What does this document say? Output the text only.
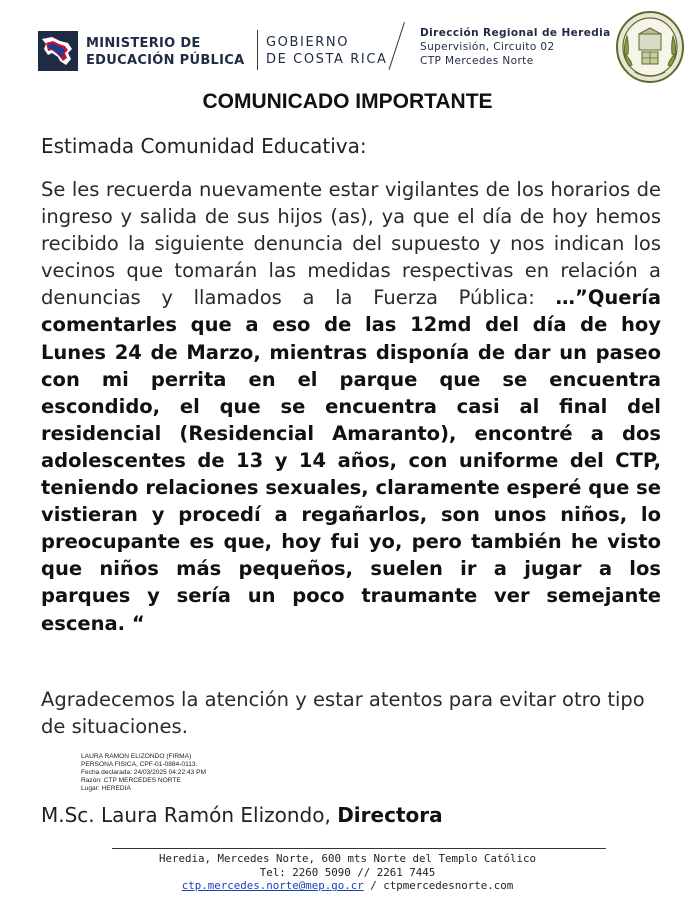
MINISTERIO DE
EDUCACIÓN PÚBLICA
GOBIERNO
DE COSTA RICA
Dirección Regional de Heredia
Supervisión, Circuito 02
CTP Mercedes Norte
COMUNICADO IMPORTANTE
Estimada Comunidad Educativa:
Se les recuerda nuevamente estar vigilantes de los horarios de ingreso y salida de sus hijos (as), ya que el día de hoy hemos recibido la siguiente denuncia del supuesto y nos indican los vecinos que tomarán las medidas respectivas en relación a denuncias y llamados a la Fuerza Pública: …”Quería comentarles que a eso de las 12md del día de hoy Lunes 24 de Marzo, mientras disponía de dar un paseo con mi perrita en el parque que se encuentra escondido, el que se encuentra casi al final del residencial (Residencial Amaranto), encontré a dos adolescentes de 13 y 14 años, con uniforme del CTP, teniendo relaciones sexuales, claramente esperé que se vistieran y procedí a regañarlos, son unos niños, lo preocupante es que, hoy fui yo, pero también he visto que niños más pequeños, suelen ir a jugar a los parques y sería un poco traumante ver semejante escena. “
Agradecemos la atención y estar atentos para evitar otro tipo de situaciones.
LAURA RAMON ELIZONDO (FIRMA)
PERSONA FISICA, CPF-01-0884-0113.
Fecha declarada: 24/03/2025 04:22:43 PM
Razón: CTP MERCEDES NORTE
Lugar: HEREDIA
M.Sc. Laura Ramón Elizondo, Directora
Heredia, Mercedes Norte, 600 mts Norte del Templo Católico
Tel: 2260 5090 // 2261 7445
ctp.mercedes.norte@mep.go.cr / ctpmercedesnorte.com
